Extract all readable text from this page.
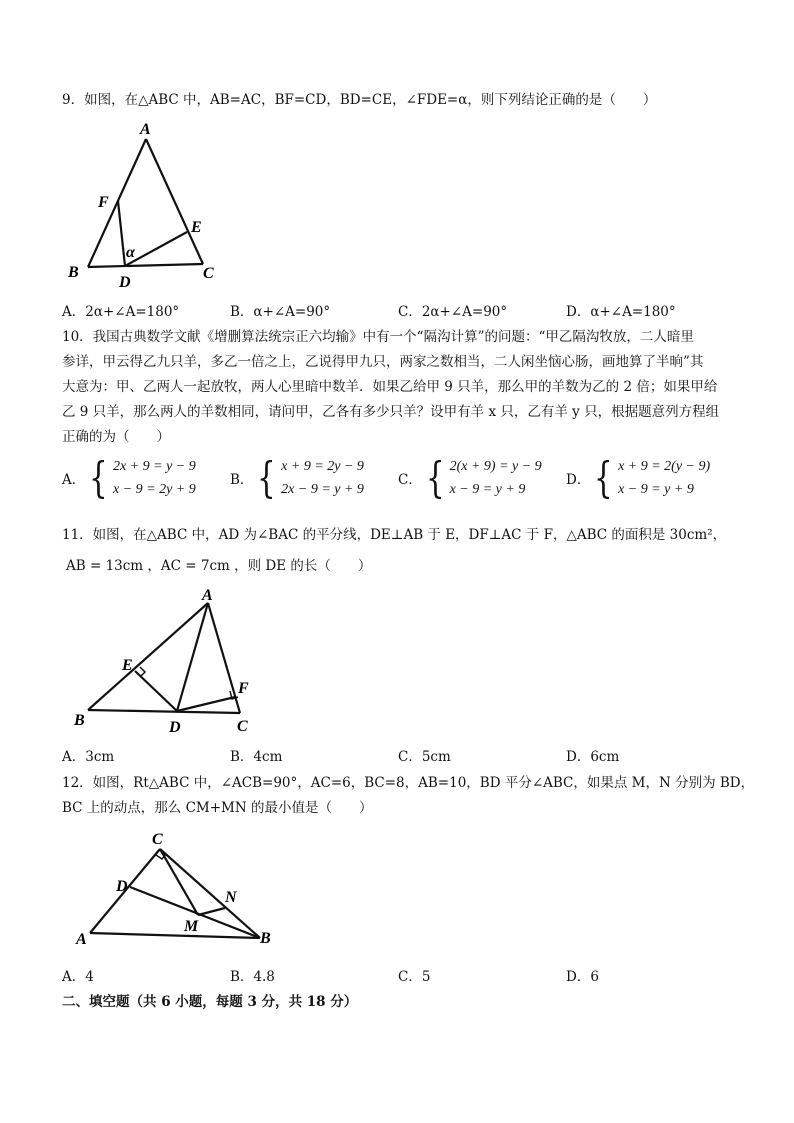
9．如图，在△ABC 中，AB=AC，BF=CD，BD=CE，∠FDE=α，则下列结论正确的是（　　）
A
F
E
α
B
D
C
A．2α+∠A=180°	B．α+∠A=90°	C．2α+∠A=90°	D．α+∠A=180°
10．我国古典数学文献《增删算法统宗正六均输》中有一个“隔沟计算”的问题：“甲乙隔沟牧放，二人暗里
参详，甲云得乙九只羊，多乙一倍之上，乙说得甲九只，两家之数相当，二人闲坐恼心肠，画地算了半晌”其
大意为：甲、乙两人一起放牧，两人心里暗中数羊．如果乙给甲 9 只羊，那么甲的羊数为乙的 2 倍；如果甲给
乙 9 只羊，那么两人的羊数相同，请问甲，乙各有多少只羊？设甲有羊 x 只，乙有羊 y 只，根据题意列方程组
正确的为（　　）
A． { 2x + 9 = y − 9
x − 9 = 2y + 9
B． { x + 9 = 2y − 9
2x − 9 = y + 9
C． { 2(x + 9) = y − 9
x − 9 = y + 9
D． { x + 9 = 2(y − 9)
x − 9 = y + 9
11．如图，在△ABC 中，AD 为∠BAC 的平分线，DE⊥AB 于 E，DF⊥AC 于 F，△ABC 的面积是 30cm²，
AB = 13cm ，AC = 7cm ，则 DE 的长（　　）
A
E
F
B	D	C
A．3cm	B．4cm	C．5cm	D．6cm
12．如图，Rt△ABC 中，∠ACB=90°，AC=6，BC=8，AB=10，BD 平分∠ABC，如果点 M，N 分别为 BD，
BC 上的动点，那么 CM+MN 的最小值是（　　）
C
D
N
M
A	B
A．4	B．4.8	C．5	D．6
二、填空题（共 6 小题，每题 3 分，共 18 分）
